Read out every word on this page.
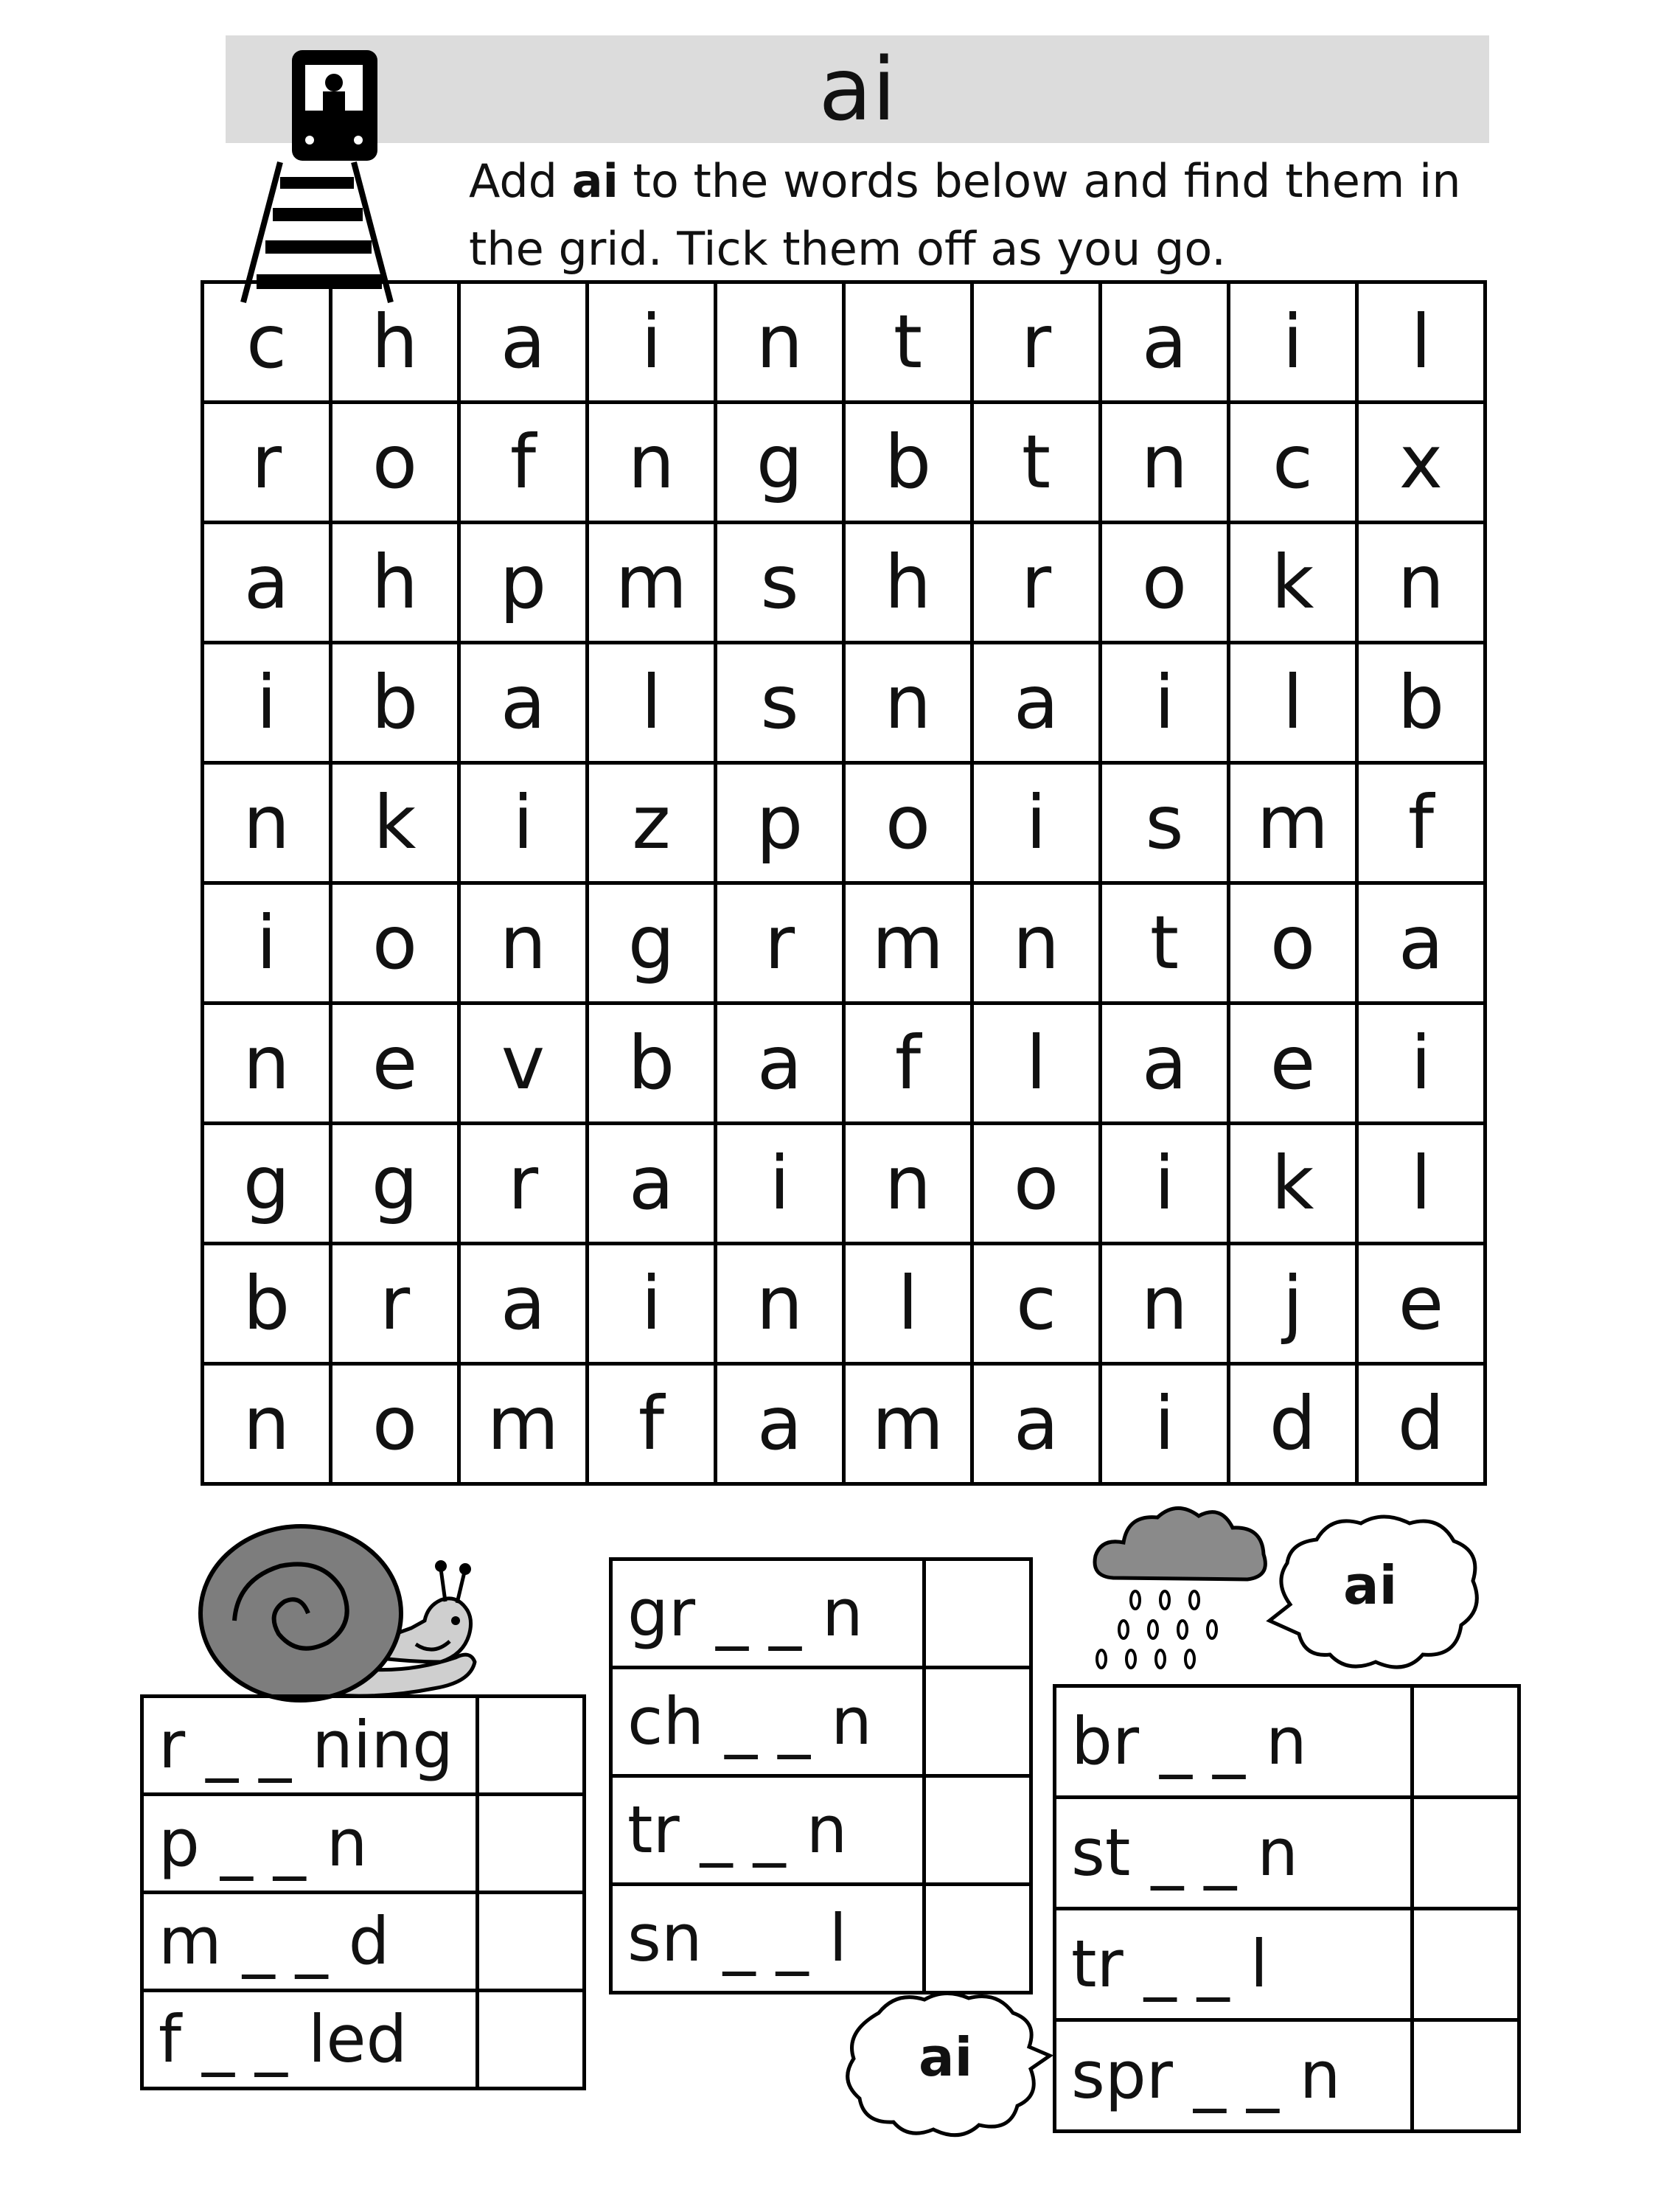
ai
Add ai to the words below and find them in the grid. Tick them off as you go.
c	h	a	i	n	t	r	a	i	l
r	o	f	n	g	b	t	n	c	x
a	h	p	m	s	h	r	o	k	n
i	b	a	l	s	n	a	i	l	b
n	k	i	z	p	o	i	s	m	f
i	o	n	g	r	m	n	t	o	a
n	e	v	b	a	f	l	a	e	i
g	g	r	a	i	n	o	i	k	l
b	r	a	i	n	l	c	n	j	e
n	o	m	f	a	m	a	i	d	d
r _ _ ning	
p _ _ n	
m _ _ d	
f _ _ led	
gr _ _ n	
ch _ _ n	
tr _ _ n	
sn _ _ l	
br _ _ n	
st _ _ n	
tr _ _ l	
spr _ _ n	
ai
ai
